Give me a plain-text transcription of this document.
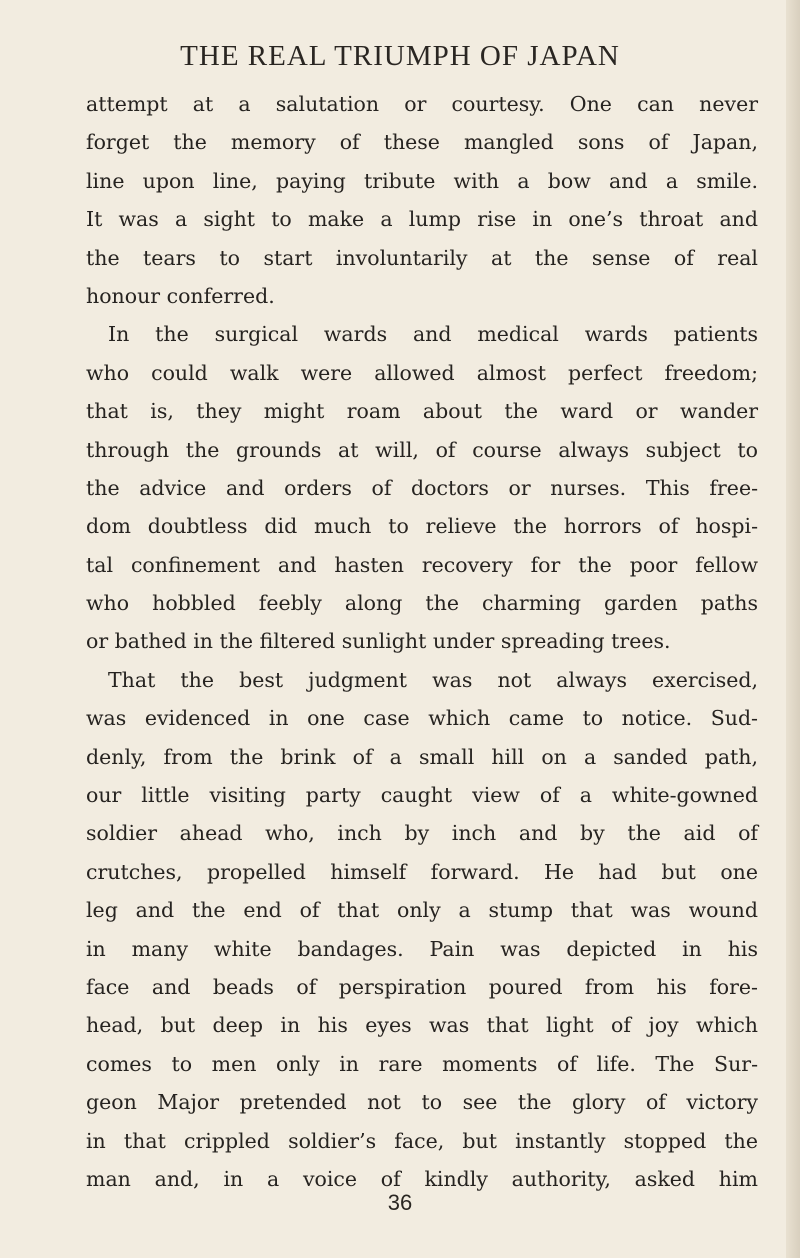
THE REAL TRIUMPH OF JAPAN
attempt at a salutation or courtesy. One can never
forget the memory of these mangled sons of Japan,
line upon line, paying tribute with a bow and a smile.
It was a sight to make a lump rise in one’s throat and
the tears to start involuntarily at the sense of real
honour conferred.
In the surgical wards and medical wards patients
who could walk were allowed almost perfect freedom;
that is, they might roam about the ward or wander
through the grounds at will, of course always subject to
the advice and orders of doctors or nurses. This free-
dom doubtless did much to relieve the horrors of hospi-
tal confinement and hasten recovery for the poor fellow
who hobbled feebly along the charming garden paths
or bathed in the filtered sunlight under spreading trees.
That the best judgment was not always exercised,
was evidenced in one case which came to notice. Sud-
denly, from the brink of a small hill on a sanded path,
our little visiting party caught view of a white-gowned
soldier ahead who, inch by inch and by the aid of
crutches, propelled himself forward. He had but one
leg and the end of that only a stump that was wound
in many white bandages. Pain was depicted in his
face and beads of perspiration poured from his fore-
head, but deep in his eyes was that light of joy which
comes to men only in rare moments of life. The Sur-
geon Major pretended not to see the glory of victory
in that crippled soldier’s face, but instantly stopped the
man and, in a voice of kindly authority, asked him
36
